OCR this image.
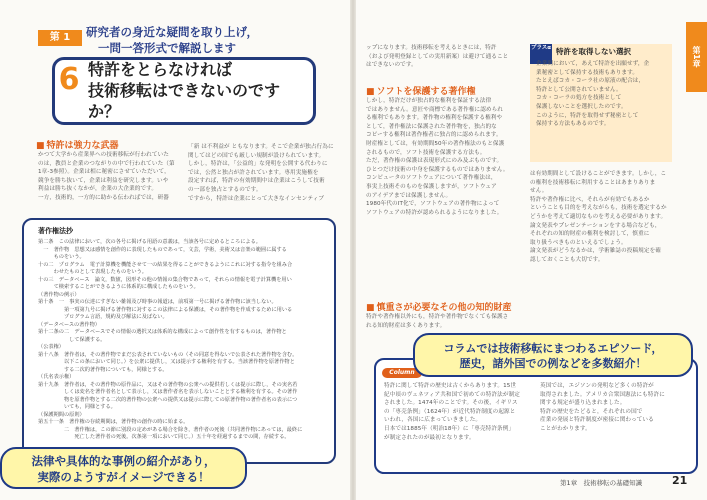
第 1	研究者の身近な疑問を取り上げ，
一問一答形式で解説します
6 特許をとらなければ
技術移転はできないのですか？
■ 特許は強力な武器
かつて大学から産業界への技術移転が行われていた
のは，教員と企業のつながりの中で行われていた（第
1章-3参照）。企業は相に秘密にさせていただいて，
競争を勝ち抜いて，企業は利益を研究します。いや
利益は勝ち抜くなかが，企業の大企業的です。
一方，技術的，一方的に助かる伝わればでは，研器
「新 は不利益が ともなります。そこで企業が独占行為に
関してはどの国でも厳しい規制が設けられています。
しかし，特許は，「公益的」な発明を公開する代わりに
では，公然と独占が許されています。専用実施権を
設定すれば，特許の有効期間中は企業はこうして技術
の一部を独占とするのです。
ですから，特許は企業にとって大きなインセンティブ
著作権法抄
第二条　この法律において，次の各号に掲げる用語の意義は，当該各号に定めるところによる。
　一　著作物　思想又は感情を創作的に表現したものであって，文芸，学術，美術又は音楽の範囲に属する
　　　ものをいう。
十の二　プログラム　電子計算機を機能させて一の結果を得ることができるようにこれに対する指令を組み合
　　　わせたものとして表現したものをいう。
十の三　データベース　論文，数値，図形その他の情報の集合物であって，それらの情報を電子計算機を用い
　　　て検索することができるように体系的に構成したものをいう。
（著作物の例示）
第十条　一　事実の伝達にすぎない雑報及び時事の報道は，前項第一号に掲げる著作物に該当しない。
　　　　　第一項第九号に掲げる著作物に対するこの法律による保護は，その著作物を作成するために用いる
　　　　　プログラム言語，規約及び解法に及ばない。
（データベースの著作物）
第十二条の二　データベースでその情報の選択又は体系的な構成によって創作性を有するものは，著作物と
　　　　　　して保護する。
（公表権）
第十八条　著作者は，その著作物でまだ公表されていないもの（その同意を得ないで公表された著作物を含む。
　　　　　以下この条において同じ。）を公衆に提供し，又は提示する権利を有する。当該著作物を原著作物と
　　　　　する二次的著作物についても，同様とする。
（氏名表示権）
第十九条　著作者は，その著作物の原作品に，又はその著作物の公衆への提供若しくは提示に際し，その実名若
　　　　　しくは変名を著作者名として表示し，又は著作者名を表示しないこととする権利を有する。その著作
　　　　　物を原著作物とする二次的著作物の公衆への提供又は提示に際しての原著作物の著作者名の表示につ
　　　　　いても，同様とする。
（保護期間の原則）
第五十一条　著作権の存続期間は，著作物の創作の時に始まる。
　　　　　二　著作権は，この節に別段の定めがある場合を除き，著作者の死後（共同著作物にあっては，最終に
　　　　　　　死亡した著作者の死後。次条第一項において同じ。）五十年を経過するまでの間，存続する。
法律や具体的な事例の紹介があり，
実際のようすがイメージできる！
第1章
ップになります。技術移転を考えるときには，特許
（および発明登録としての実用新案）は避けて通ること
はできないのです。
■ ソフトを保護する著作権
しかし，特許だけが独占的な権利を保証する法律
ではありません。意匠や商標である著作権に認められ
る権利でもあります。著作物の権利を保護する権利や
として，著作権法に保護された著作物を，独占的な
コピーする権利は著作権者に独占的に認められます。
財産権としては，有効期間50年の著作権法のもと保護
されるもので，ソフト技術を保護する方法も。
ただ，著作権の保護は表現形式にのみ及ぶものです。
ひとつだけ技術の中身を保護するものではありません。
コンピュータのソフトウェアについて著作権法は，
事実上技術そのものを保護しますが，ソフトウェア
のアイデアまでは保護しません。
1980年代のIT化で，ソフトウェアの著作物によって
ソフトウェアの特許が認められるようになりました。
■ 慎重さが必要なその他の知的財産
特許や著作権以外にも，特許や著作物でなくても保護さ
れる知的財産は多くあります。
プラスα 特許を取得しない選択
企業間において，あえて特許を出願せず，企
業秘密として保持する技術もあります。
たとえばコカ・コーラ社の原液の配合は，
特許として公開されていません。
コカ・コーラの処方を技術として
保護しないことを選択したのです。
このように，特許を取得せず秘密として
保持する方法もあるのです。
は有効期間として設けることができます。しかし，こ
の権利を技術移転に利用することはあまりありま
せん。
特許や著作権に比べ，それらが有効でもあるか
ということも目的を考えながらも，技術を選定するか
どうかを考えて適切なものを考える必要があります。
論文発表やプレゼンテーションをする場合なども，
それぞれの知的財産の権利を検討して，慎重に
取り扱うべきものといえるでしょう。
論文発表がどうなるかは，学術雑誌の投稿規定を確
認しておくことも大切です。
Column
特許に関して特許の歴史は古くからあります。15世
紀中頃のヴェネツィア共和国で初めての特許法が制定
されました。1474年のことです。その後，イギリス
の「専売条例」（1624年）が近代特許制度の起源と
いわれ，各国に広まっていきました。
日本では1885年（明治18年）に「専売特許条例」
が制定されたのが最初となります。
英国では，エジソンの発明など多くの特許が
取得されました。アメリカ合衆国憲法にも特許に
関する規定が盛り込まれました。
特許の歴史をたどると，それぞれの国で
産業の発展と特許制度が密接に関わっている
ことがわかります。
コラムでは技術移転にまつわるエピソード，
歴史，諸外国での例などを多数紹介！
第1章　技術移転の基礎知識	21
